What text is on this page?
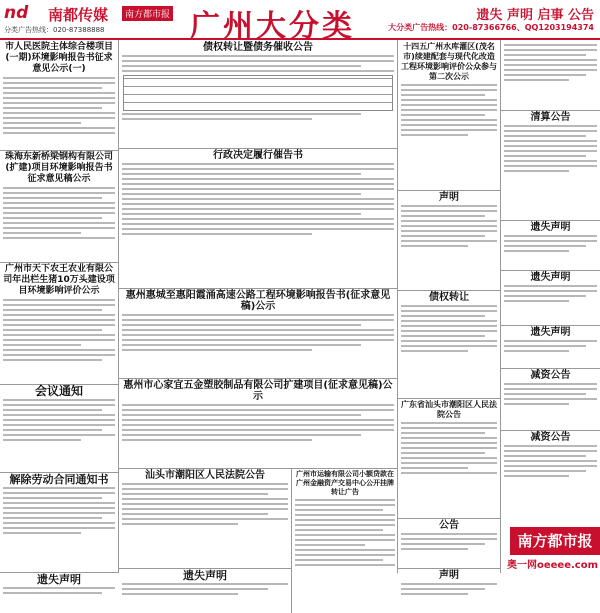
nd 南都传媒	南方都市报
分类广告热线：020-87388888	广州大分类	遗失 声明 启事 公告
大分类广告热线：020-87366766、QQ1203194374
市人民医院主体综合楼项目(一期)环境影响报告书征求意见公示(一)
珠海东新桥梁钢构有限公司(扩建)项目环境影响报告书征求意见稿公示
广州市天下农王农业有限公司年出栏生猪10万头建设项目环境影响评价公示
会议通知
解除劳动合同通知书
遗失声明
债权转让暨债务催收公告
行政决定履行催告书
惠州惠城至惠阳霞涌高速公路工程环境影响报告书(征求意见稿)公示
惠州市心家宜五金塑胶制品有限公司扩建项目(征求意见稿)公示
汕头市潮阳区人民法院公告
遗失声明
广州市运输有限公司小额贷款在广州金融资产交易中心公开挂牌转让广告
十四五广州水库灌区(茂名市)续建配套与现代化改造工程环境影响评价公众参与第二次公示
声明
债权转让
广东省汕头市潮阳区人民法院公告
公告
声明
清算公告
遗失声明
遗失声明
遗失声明
减资公告
减资公告
南方都市报
奥一网oeeee.com
